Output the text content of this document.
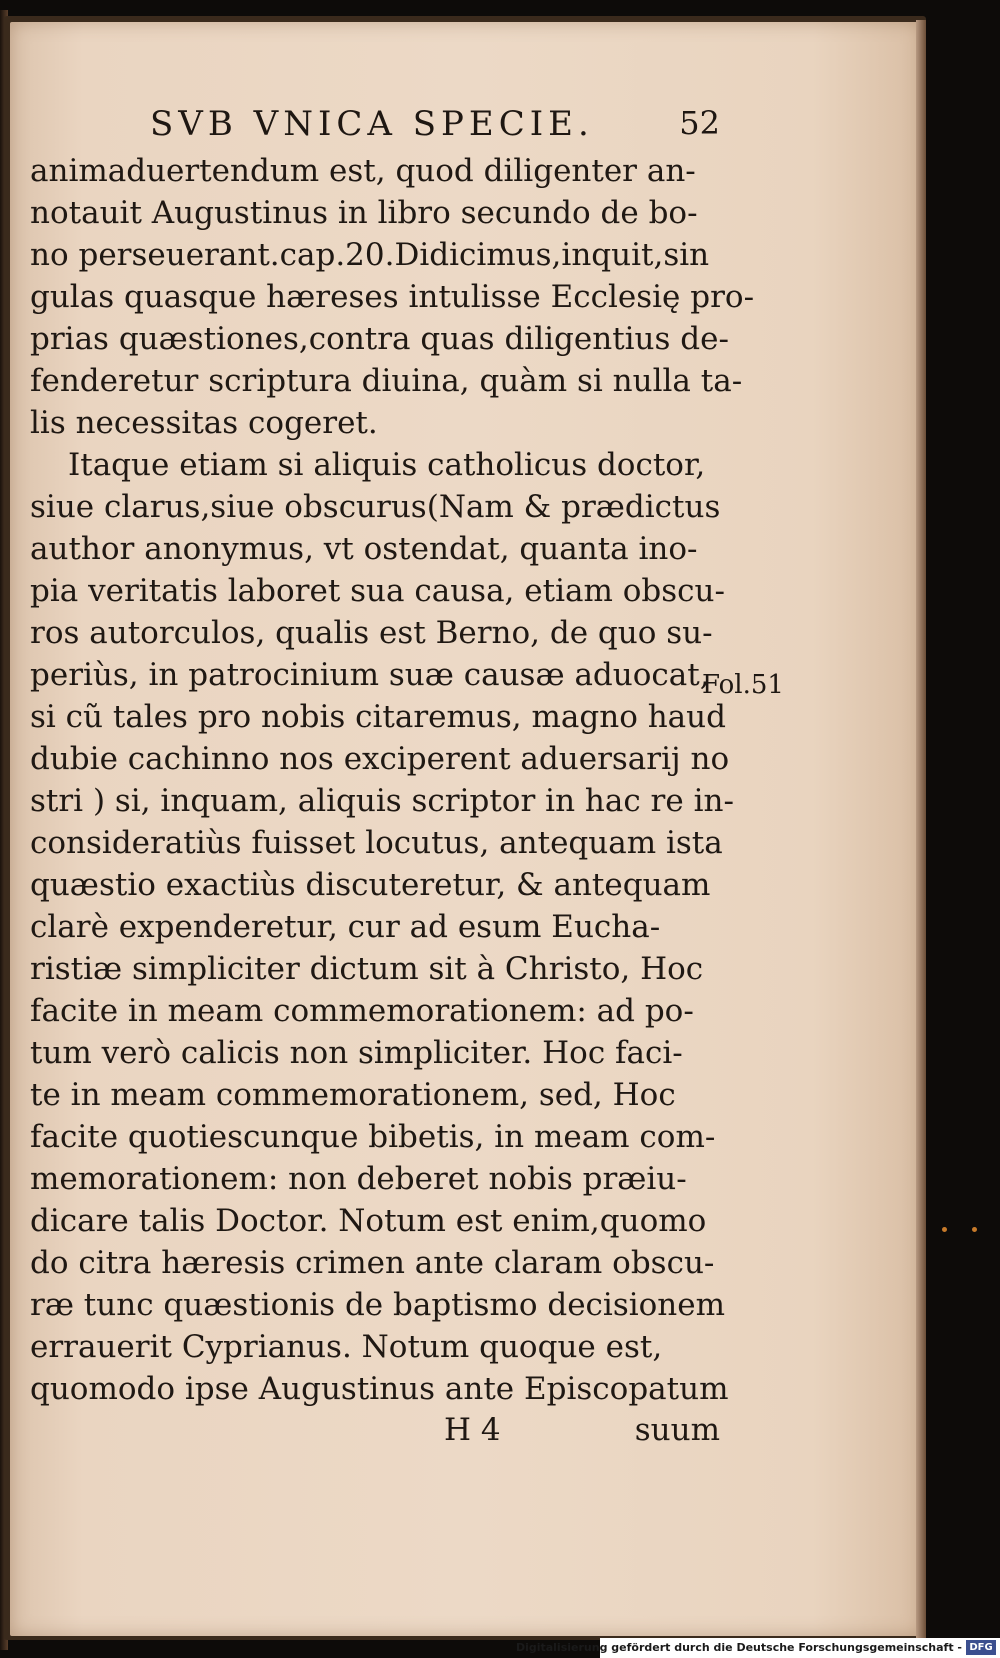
SVB VNICA SPECIE.	52
animaduertendum est, quod diligenter an-
notauit Augustinus in libro secundo de bo-
no perseuerant.cap.20.Didicimus,inquit,sin
gulas quasque hæreses intulisse Ecclesię pro-
prias quæstiones,contra quas diligentius de-
fenderetur scriptura diuina, quàm si nulla ta-
lis necessitas cogeret.
Itaque etiam si aliquis catholicus doctor,
siue clarus,siue obscurus(Nam & prædictus
author anonymus, vt ostendat, quanta ino-
pia veritatis laboret sua causa, etiam obscu-
ros autorculos, qualis est Berno, de quo su-
periùs, in patrocinium suæ causæ aduocat,
si cũ tales pro nobis citaremus, magno haud
dubie cachinno nos exciperent aduersarij no
stri ) si, inquam, aliquis scriptor in hac re in-
consideratiùs fuisset locutus, antequam ista
quæstio exactiùs discuteretur, & antequam
clarè expenderetur, cur ad esum Eucha-
ristiæ simpliciter dictum sit à Christo, Hoc
facite in meam commemorationem: ad po-
tum verò calicis non simpliciter. Hoc faci-
te in meam commemorationem, sed, Hoc
facite quotiescunque bibetis, in meam com-
memorationem: non deberet nobis præiu-
dicare talis Doctor. Notum est enim,quomo
do citra hæresis crimen ante claram obscu-
ræ tunc quæstionis de baptismo decisionem
errauerit Cyprianus. Notum quoque est,
quomodo ipse Augustinus ante Episcopatum
Fol.51
H 4	suum
Digitalisierung gefördert durch die Deutsche Forschungsgemeinschaft - DFG
